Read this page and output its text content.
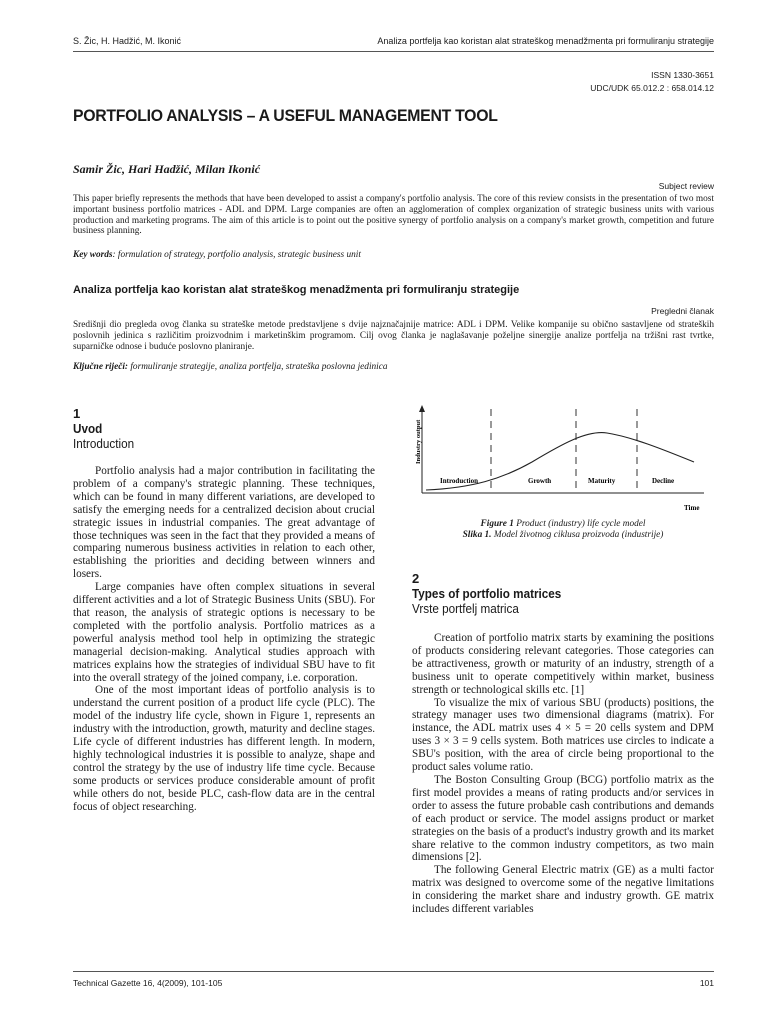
S. Žic, H. Hadžić, M. Ikonić	Analiza portfelja kao koristan alat strateškog menadžmenta pri formuliranju strategije
ISSN 1330-3651
UDC/UDK 65.012.2 : 658.014.12
PORTFOLIO ANALYSIS – A USEFUL MANAGEMENT TOOL
Samir Žic, Hari Hadžić, Milan Ikonić
Subject review
This paper briefly represents the methods that have been developed to assist a company's portfolio analysis. The core of this review consists in the presentation of two most important business portfolio matrices - ADL and DPM. Large companies are often an agglomeration of complex organization of strategic business units with various production and marketing programs. The aim of this article is to point out the positive synergy of portfolio analysis on a company's market growth, competition and future business planning.
Key words: formulation of strategy, portfolio analysis, strategic business unit
Analiza portfelja kao koristan alat strateškog menadžmenta pri formuliranju strategije
Pregledni članak
Središnji dio pregleda ovog članka su strateške metode predstavljene s dvije najznačajnije matrice: ADL i DPM. Velike kompanije su obično sastavljene od strateških poslovnih jedinica s različitim proizvodnim i marketinškim programom. Cilj ovog članka je naglašavanje poželjne sinergije analize portfelja na tržišni rast tvrtke, suparničke odnose i buduće poslovno planiranje.
Ključne riječi: formuliranje strategije, analiza portfelja, strateška poslovna jedinica
1
Uvod
Introduction

Portfolio analysis had a major contribution in facilitating the problem of a company's strategic planning. These techniques, which can be found in many different variations, are developed to satisfy the emerging needs for a centralized decision about crucial strategic issues in industrial companies. The great advantage of those techniques was seen in the fact that they provided a means of comparing numerous business activities in relation to each other, establishing the priorities and deciding between winners and losers.

Large companies have often complex situations in several different activities and a lot of Strategic Business Units (SBU). For that reason, the analysis of strategic options is necessary to be completed with the portfolio analysis. Portfolio matrices as a powerful analysis method tool help in optimizing the strategic managerial decision-making. Analytical studies approach with matrices explains how the strategies of individual SBU have to fit into the overall strategy of the joined company, i.e. corporation.

One of the most important ideas of portfolio analysis is to understand the current position of a product life cycle (PLC). The model of the industry life cycle, shown in Figure 1, represents an industry with the introduction, growth, maturity and decline stages. Life cycle of different industries has different length. In modern, highly technological industries it is possible to analyze, shape and control the strategy by the use of industry life time cycle. Because some products or services produce considerable amount of profit while others do not, beside PLC, cash-flow data are in the central focus of object researching.

Industry output
Time
Introduction	Growth	Maturity	Decline
Figure 1 Product (industry) life cycle model
Slika 1. Model životnog ciklusa proizvoda (industrije)
2
Types of portfolio matrices
Vrste portfelj matrica

Creation of portfolio matrix starts by examining the positions of products considering relevant categories. Those categories can be attractiveness, growth or maturity of an industry, strength of a business unit to operate competitively within market, business strength or technological skills etc. [1]

To visualize the mix of various SBU (products) positions, the strategy manager uses two dimensional diagrams (matrix). For instance, the ADL matrix uses 4 × 5 = 20 cells system and DPM uses 3 × 3 = 9 cells system. Both matrices use circles to indicate a SBU's position, with the area of circle being proportional to the product sales volume ratio.

The Boston Consulting Group (BCG) portfolio matrix as the first model provides a means of rating products and/or services in order to assess the future probable cash contributions and demands of each product or service. The model assigns product or market strategies on the basis of a product's industry growth and its market share relative to the common industry competitors, as two main dimensions [2].

The following General Electric matrix (GE) as a multi factor matrix was designed to overcome some of the negative limitations in considering the market share and industry growth. GE matrix includes different variables

Technical Gazette 16, 4(2009), 101-105	101
